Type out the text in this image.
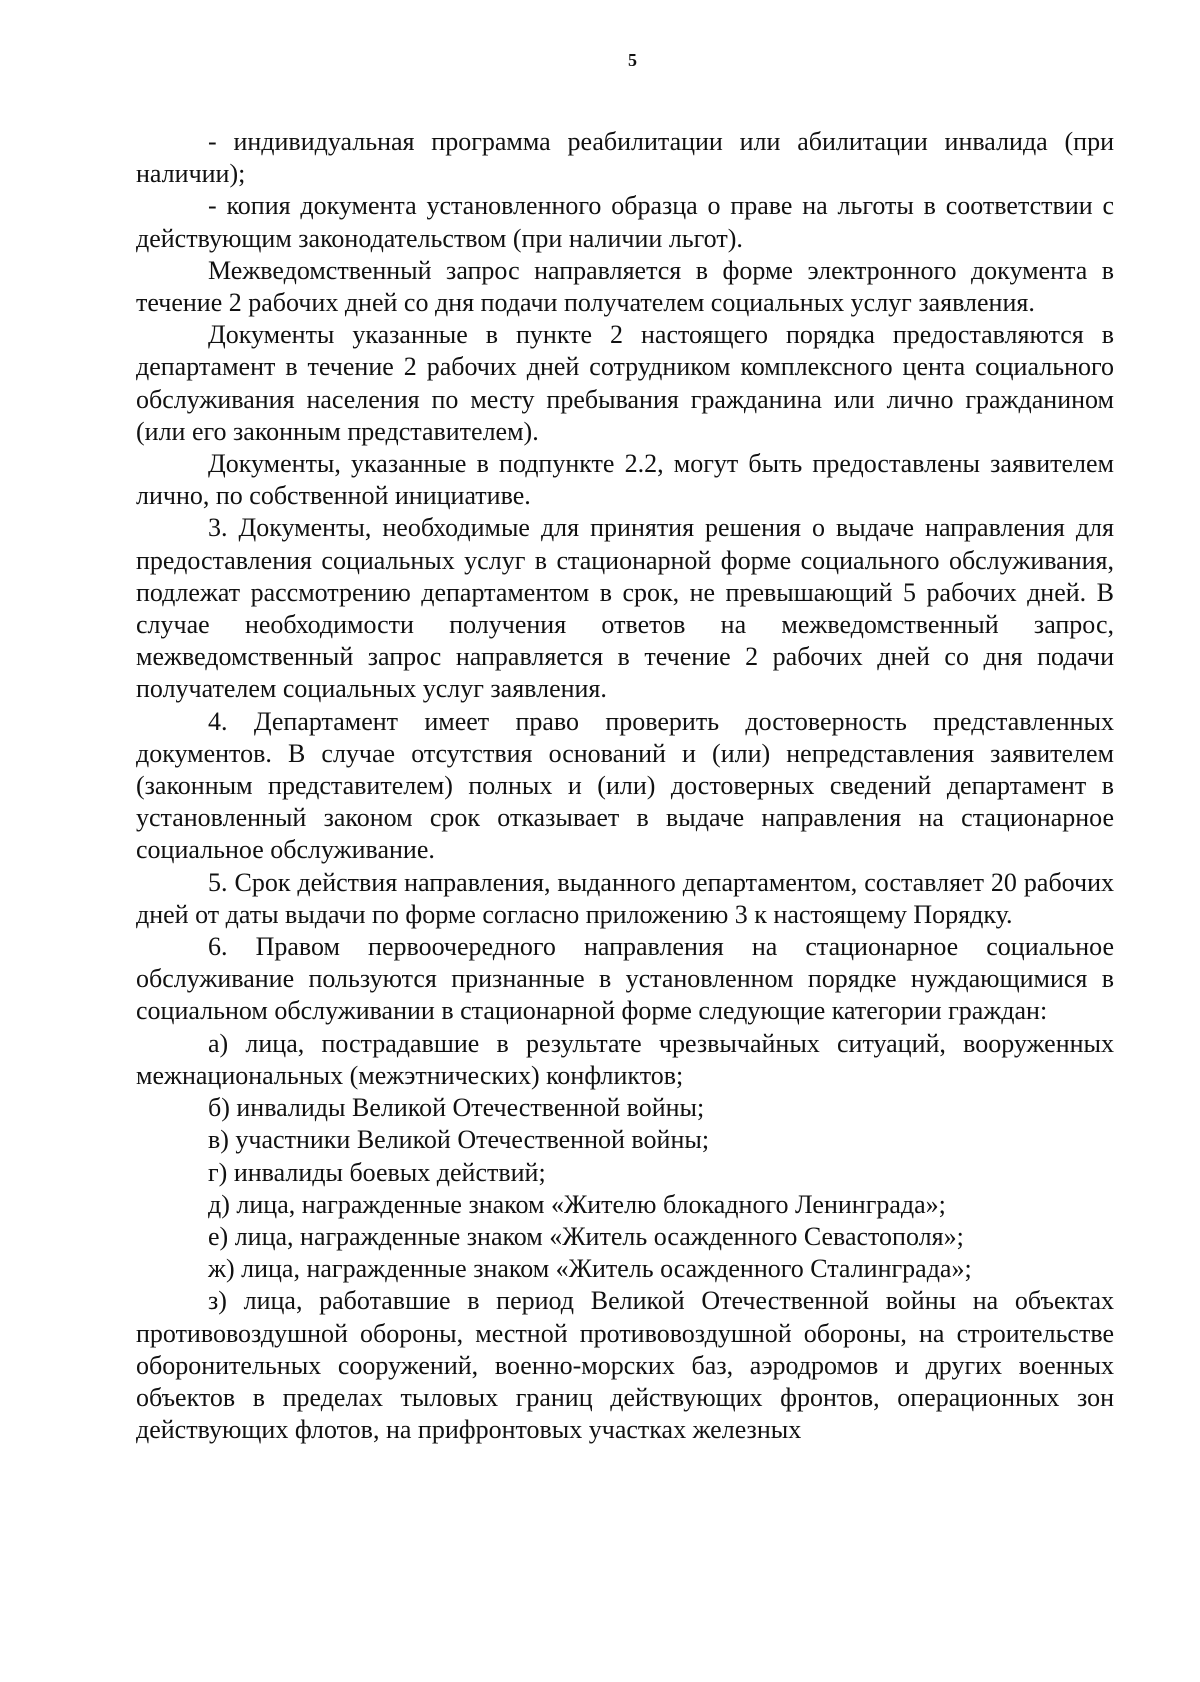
5

- индивидуальная программа реабилитации или абилитации инвалида (при наличии);

- копия документа установленного образца о праве на льготы в соответствии с действующим законодательством (при наличии льгот).

Межведомственный запрос направляется в форме электронного документа в течение 2 рабочих дней со дня подачи получателем социальных услуг заявления.

Документы указанные в пункте 2 настоящего порядка предоставляются в департамент в течение 2 рабочих дней сотрудником комплексного цента социального обслуживания населения по месту пребывания гражданина или лично гражданином (или его законным представителем).

Документы, указанные в подпункте 2.2, могут быть предоставлены заявителем лично, по собственной инициативе.

3. Документы, необходимые для принятия решения о выдаче направления для предоставления социальных услуг в стационарной форме социального обслуживания, подлежат рассмотрению департаментом в срок, не превышающий 5 рабочих дней. В случае необходимости получения ответов на межведомственный запрос, межведомственный запрос направляется в течение 2 рабочих дней со дня подачи получателем социальных услуг заявления.

4. Департамент имеет право проверить достоверность представленных документов. В случае отсутствия оснований и (или) непредставления заявителем (законным представителем) полных и (или) достоверных сведений департамент в установленный законом срок отказывает в выдаче направления на стационарное социальное обслуживание.

5. Срок действия направления, выданного департаментом, составляет 20 рабочих дней от даты выдачи по форме согласно приложению 3 к настоящему Порядку.

6. Правом первоочередного направления на стационарное социальное обслуживание пользуются признанные в установленном порядке нуждающимися в социальном обслуживании в стационарной форме следующие категории граждан:

а) лица, пострадавшие в результате чрезвычайных ситуаций, вооруженных межнациональных (межэтнических) конфликтов;

б) инвалиды Великой Отечественной войны;

в) участники Великой Отечественной войны;

г) инвалиды боевых действий;

д) лица, награжденные знаком «Жителю блокадного Ленинграда»;

е) лица, награжденные знаком «Житель осажденного Севастополя»;

ж) лица, награжденные знаком «Житель осажденного Сталинграда»;

з) лица, работавшие в период Великой Отечественной войны на объектах противовоздушной обороны, местной противовоздушной обороны, на строительстве оборонительных сооружений, военно-морских баз, аэродромов и других военных объектов в пределах тыловых границ действующих фронтов, операционных зон действующих флотов, на прифронтовых участках железных
